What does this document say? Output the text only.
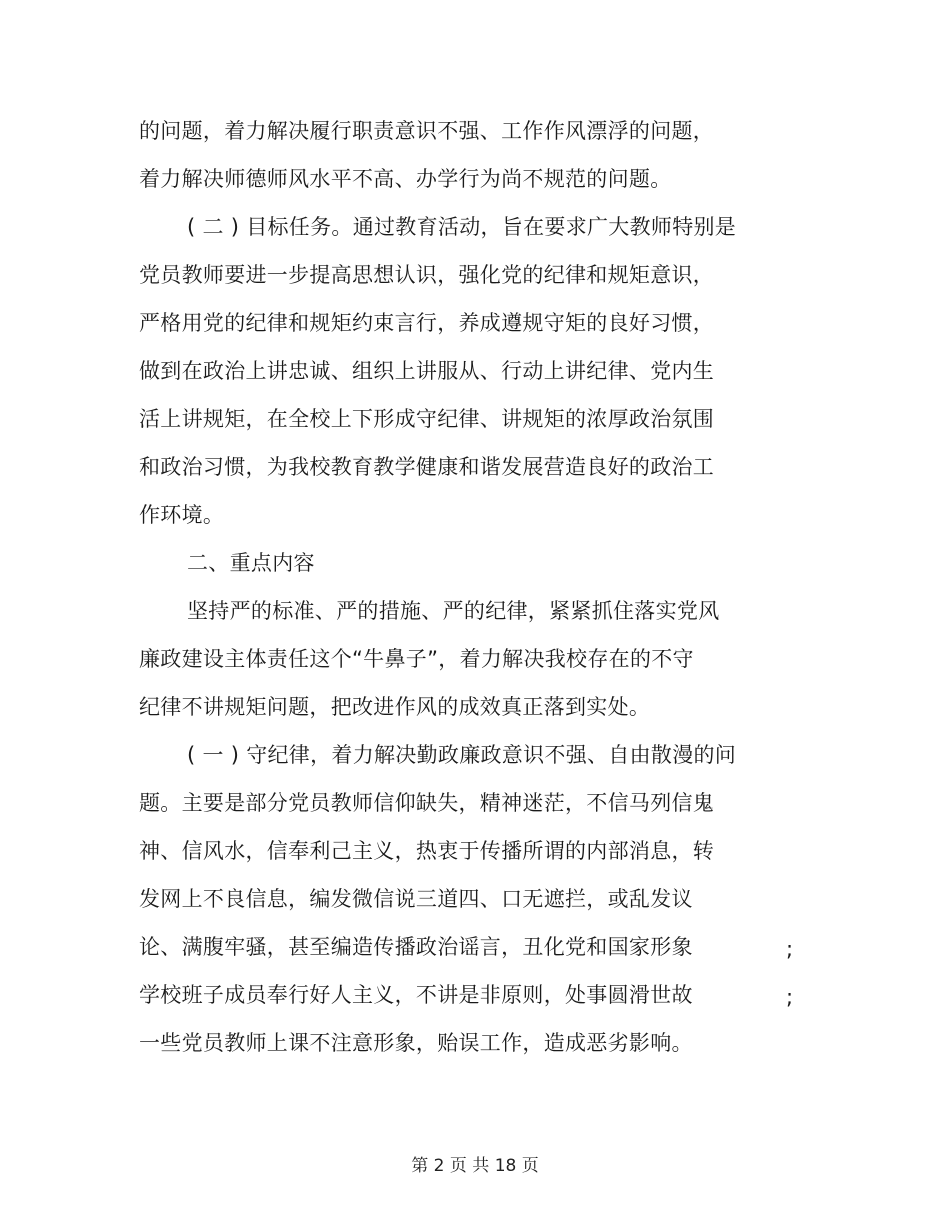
的问题，着力解决履行职责意识不强、工作作风漂浮的问题，
着力解决师德师风水平不高、办学行为尚不规范的问题。
( 二 ) 目标任务。通过教育活动，旨在要求广大教师特别是
党员教师要进一步提高思想认识，强化党的纪律和规矩意识，
严格用党的纪律和规矩约束言行，养成遵规守矩的良好习惯，
做到在政治上讲忠诚、组织上讲服从、行动上讲纪律、党内生
活上讲规矩，在全校上下形成守纪律、讲规矩的浓厚政治氛围
和政治习惯，为我校教育教学健康和谐发展营造良好的政治工
作环境。
二、重点内容
坚持严的标准、严的措施、严的纪律，紧紧抓住落实党风
廉政建设主体责任这个“牛鼻子”，着力解决我校存在的不守
纪律不讲规矩问题，把改进作风的成效真正落到实处。
( 一 ) 守纪律，着力解决勤政廉政意识不强、自由散漫的问
题。主要是部分党员教师信仰缺失，精神迷茫，不信马列信鬼
神、信风水，信奉利己主义，热衷于传播所谓的内部消息，转
发网上不良信息，编发微信说三道四、口无遮拦，或乱发议
论、满腹牢骚，甚至编造传播政治谣言，丑化党和国家形象	;
学校班子成员奉行好人主义，不讲是非原则，处事圆滑世故	;
一些党员教师上课不注意形象，贻误工作，造成恶劣影响。
第 2 页 共 18 页
